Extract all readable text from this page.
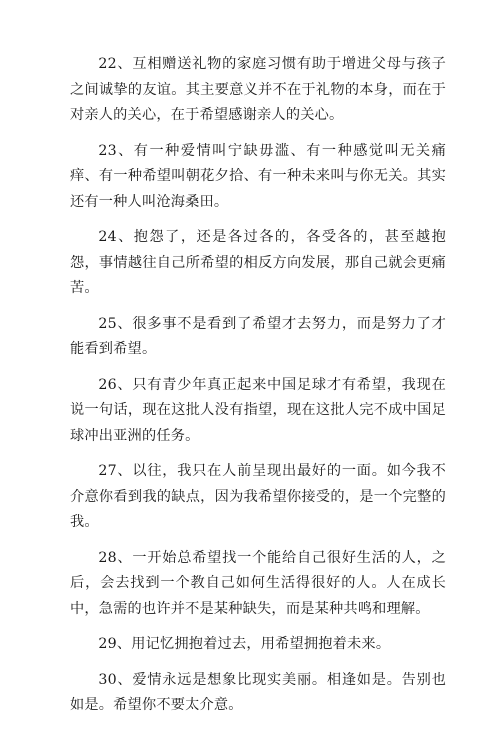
22、互相赠送礼物的家庭习惯有助于增进父母与孩子之间诚挚的友谊。其主要意义并不在于礼物的本身，而在于对亲人的关心，在于希望感谢亲人的关心。

23、有一种爱情叫宁缺毋滥、有一种感觉叫无关痛痒、有一种希望叫朝花夕拾、有一种未来叫与你无关。其实还有一种人叫沧海桑田。

24、抱怨了，还是各过各的，各受各的，甚至越抱怨，事情越往自己所希望的相反方向发展，那自己就会更痛苦。

25、很多事不是看到了希望才去努力，而是努力了才能看到希望。

26、只有青少年真正起来中国足球才有希望，我现在说一句话，现在这批人没有指望，现在这批人完不成中国足球冲出亚洲的任务。

27、以往，我只在人前呈现出最好的一面。如今我不介意你看到我的缺点，因为我希望你接受的，是一个完整的我。

28、一开始总希望找一个能给自己很好生活的人，之后，会去找到一个教自己如何生活得很好的人。人在成长中，急需的也许并不是某种缺失，而是某种共鸣和理解。

29、用记忆拥抱着过去，用希望拥抱着未来。

30、爱情永远是想象比现实美丽。相逢如是。告别也如是。希望你不要太介意。
